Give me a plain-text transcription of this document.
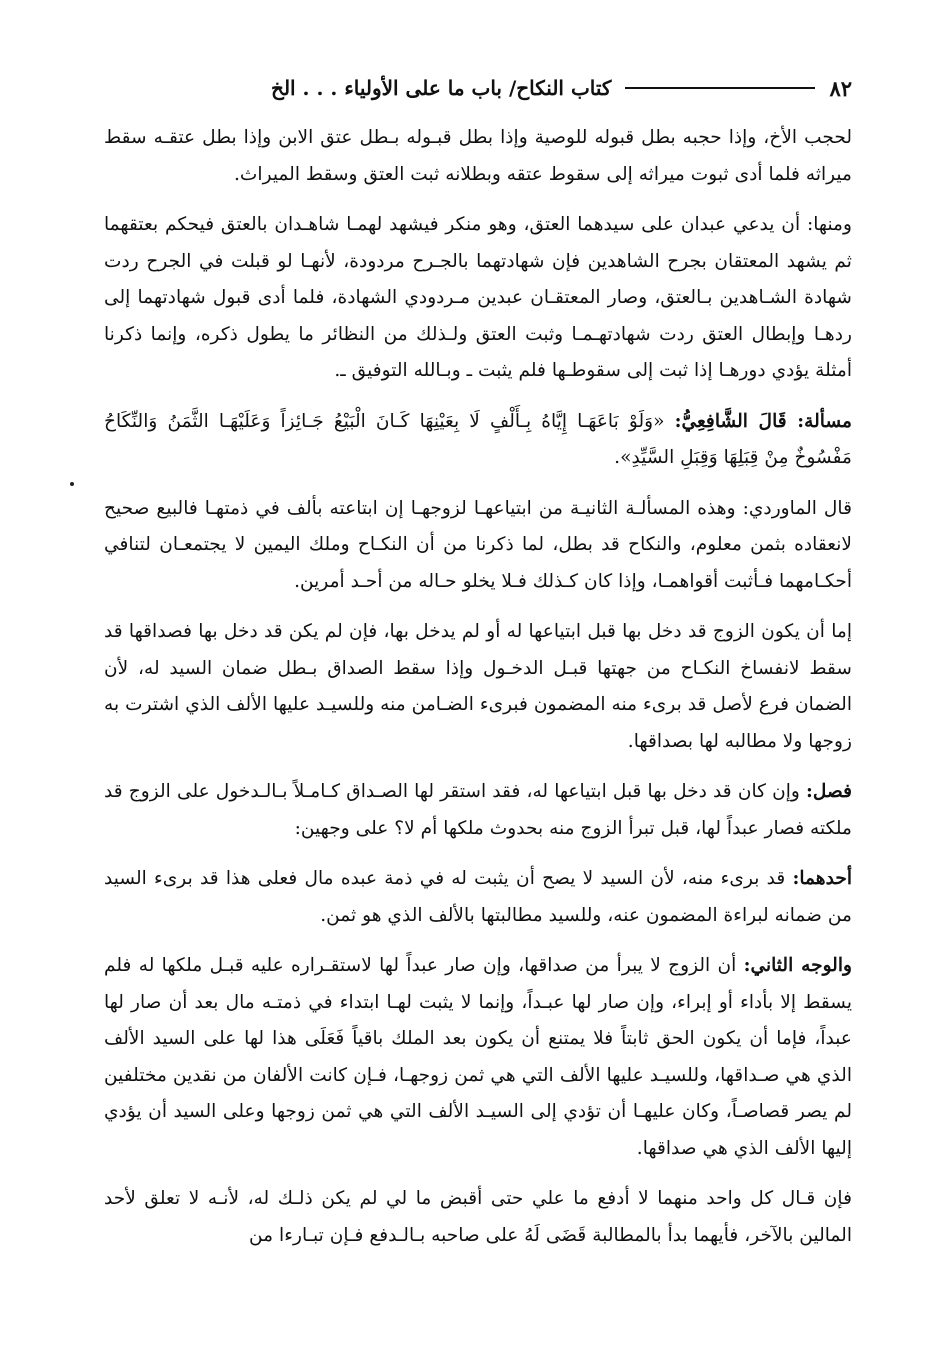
٨٢
كتاب النكاح/ باب ما على الأولياء . . . الخ

لحجب الأخ، وإذا حجبه بطل قبوله للوصية وإذا بطل قبـوله بـطل عتق الابن وإذا بطل عتقـه سقط ميراثه فلما أدى ثبوت ميراثه إلى سقوط عتقه وبطلانه ثبت العتق وسقط الميراث.

ومنها: أن يدعي عبدان على سيدهما العتق، وهو منكر فيشهد لهمـا شاهـدان بالعتق فيحكم بعتقهما ثم يشهد المعتقان بجرح الشاهدين فإن شهادتهما بالجـرح مردودة، لأنهـا لو قبلت في الجرح ردت شهادة الشـاهدين بـالعتق، وصار المعتقـان عبدين مـردودي الشهادة، فلما أدى قبول شهادتهما إلى ردهـا وإبطال العتق ردت شهادتهـمـا وثبت العتق ولـذلك من النظائر ما يطول ذكره، وإنما ذكرنا أمثلة يؤدي دورهـا إذا ثبت إلى سقوطـها فلم يثبت ـ وبـالله التوفيق ـ.

مسألة: قَالَ الشَّافِعِيُّ: «وَلَوْ بَاعَهَـا إِيَّاهُ بِـأَلْفٍ لَا بِعَيْنِهَا كَـانَ الْبَيْعُ جَـائِزاً وَعَلَيْهَـا الثَّمَنُ وَالنِّكَاحُ مَفْسُوخٌ مِنْ قِبَلِهَا وَقِبَلِ السَّيِّدِ».

قال الماوردي: وهذه المسألـة الثانيـة من ابتياعهـا لزوجهـا إن ابتاعته بألف في ذمتهـا فالبيع صحيح لانعقاده بثمن معلوم، والنكاح قد بطل، لما ذكرنا من أن النكـاح وملك اليمين لا يجتمعـان لتنافي أحكـامهما فـأثبت أقواهمـا، وإذا كان كـذلك فـلا يخلو حـاله من أحـد أمرين.

إما أن يكون الزوج قد دخل بها قبل ابتياعها له أو لم يدخل بها، فإن لم يكن قد دخل بها فصداقها قد سقط لانفساخ النكـاح من جهتها قبـل الدخـول وإذا سقط الصداق بـطل ضمان السيد له، لأن الضمان فرع لأصل قد برىء منه المضمون فبرىء الضـامن منه وللسيـد عليها الألف الذي اشترت به زوجها ولا مطالبه لها بصداقها.

فصل: وإن كان قد دخل بها قبل ابتياعها له، فقد استقر لها الصـداق كـامـلاً بـالـدخول على الزوج قد ملكته فصار عبداً لها، قبل تبرأ الزوج منه بحدوث ملكها أم لا؟ على وجهين:

أحدهما: قد برىء منه، لأن السيد لا يصح أن يثبت له في ذمة عبده مال فعلى هذا قد برىء السيد من ضمانه لبراءة المضمون عنه، وللسيد مطالبتها بالألف الذي هو ثمن.

والوجه الثاني: أن الزوج لا يبرأ من صداقها، وإن صار عبداً لها لاستقـراره عليه قبـل ملكها له فلم يسقط إلا بأداء أو إبراء، وإن صار لها عبـداً، وإنما لا يثبت لهـا ابتداء في ذمتـه مال بعد أن صار لها عبداً، فإما أن يكون الحق ثابتاً فلا يمتنع أن يكون بعد الملك باقياً فَعَلَى هذا لها على السيد الألف الذي هي صـداقها، وللسيـد عليها الألف التي هي ثمن زوجهـا، فـإن كانت الألفان من نقدين مختلفين لم يصر قصاصـاً، وكان عليهـا أن تؤدي إلى السيـد الألف التي هي ثمن زوجها وعلى السيد أن يؤدي إليها الألف الذي هي صداقها.

فإن قـال كل واحد منهما لا أدفع ما علي حتى أقبض ما لي لم يكن ذلـك له، لأنـه لا تعلق لأحد المالين بالآخر، فأيهما بدأ بالمطالبة قَضَى لَهُ على صاحبه بـالـدفع فـإن تبـارءا من
